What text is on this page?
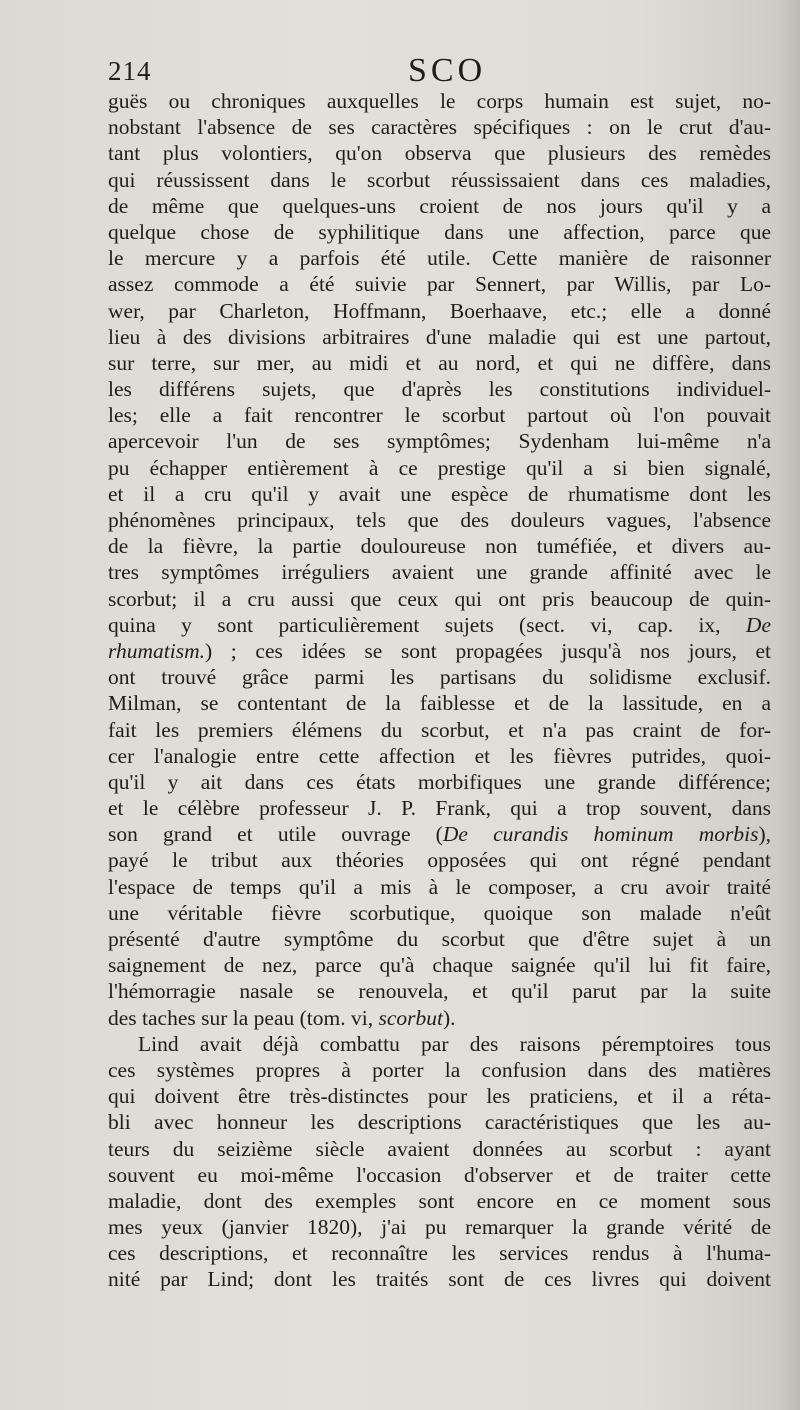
214	SCO
guës ou chroniques auxquelles le corps humain est sujet, no-
nobstant l'absence de ses caractères spécifiques : on le crut d'au-
tant plus volontiers, qu'on observa que plusieurs des remèdes
qui réussissent dans le scorbut réussissaient dans ces maladies,
de même que quelques-uns croient de nos jours qu'il y a
quelque chose de syphilitique dans une affection, parce que
le mercure y a parfois été utile. Cette manière de raisonner
assez commode a été suivie par Sennert, par Willis, par Lo-
wer, par Charleton, Hoffmann, Boerhaave, etc.; elle a donné
lieu à des divisions arbitraires d'une maladie qui est une partout,
sur terre, sur mer, au midi et au nord, et qui ne diffère, dans
les différens sujets, que d'après les constitutions individuel-
les; elle a fait rencontrer le scorbut partout où l'on pouvait
apercevoir l'un de ses symptômes; Sydenham lui-même n'a
pu échapper entièrement à ce prestige qu'il a si bien signalé,
et il a cru qu'il y avait une espèce de rhumatisme dont les
phénomènes principaux, tels que des douleurs vagues, l'absence
de la fièvre, la partie douloureuse non tuméfiée, et divers au-
tres symptômes irréguliers avaient une grande affinité avec le
scorbut; il a cru aussi que ceux qui ont pris beaucoup de quin-
quina y sont particulièrement sujets (sect. vi, cap. ix, De
rhumatism.) ; ces idées se sont propagées jusqu'à nos jours, et
ont trouvé grâce parmi les partisans du solidisme exclusif.
Milman, se contentant de la faiblesse et de la lassitude, en a
fait les premiers élémens du scorbut, et n'a pas craint de for-
cer l'analogie entre cette affection et les fièvres putrides, quoi-
qu'il y ait dans ces états morbifiques une grande différence;
et le célèbre professeur J. P. Frank, qui a trop souvent, dans
son grand et utile ouvrage (De curandis hominum morbis),
payé le tribut aux théories opposées qui ont régné pendant
l'espace de temps qu'il a mis à le composer, a cru avoir traité
une véritable fièvre scorbutique, quoique son malade n'eût
présenté d'autre symptôme du scorbut que d'être sujet à un
saignement de nez, parce qu'à chaque saignée qu'il lui fit faire,
l'hémorragie nasale se renouvela, et qu'il parut par la suite
des taches sur la peau (tom. vi, scorbut).
Lind avait déjà combattu par des raisons péremptoires tous
ces systèmes propres à porter la confusion dans des matières
qui doivent être très-distinctes pour les praticiens, et il a réta-
bli avec honneur les descriptions caractéristiques que les au-
teurs du seizième siècle avaient données au scorbut : ayant
souvent eu moi-même l'occasion d'observer et de traiter cette
maladie, dont des exemples sont encore en ce moment sous
mes yeux (janvier 1820), j'ai pu remarquer la grande vérité de
ces descriptions, et reconnaître les services rendus à l'huma-
nité par Lind; dont les traités sont de ces livres qui doivent
